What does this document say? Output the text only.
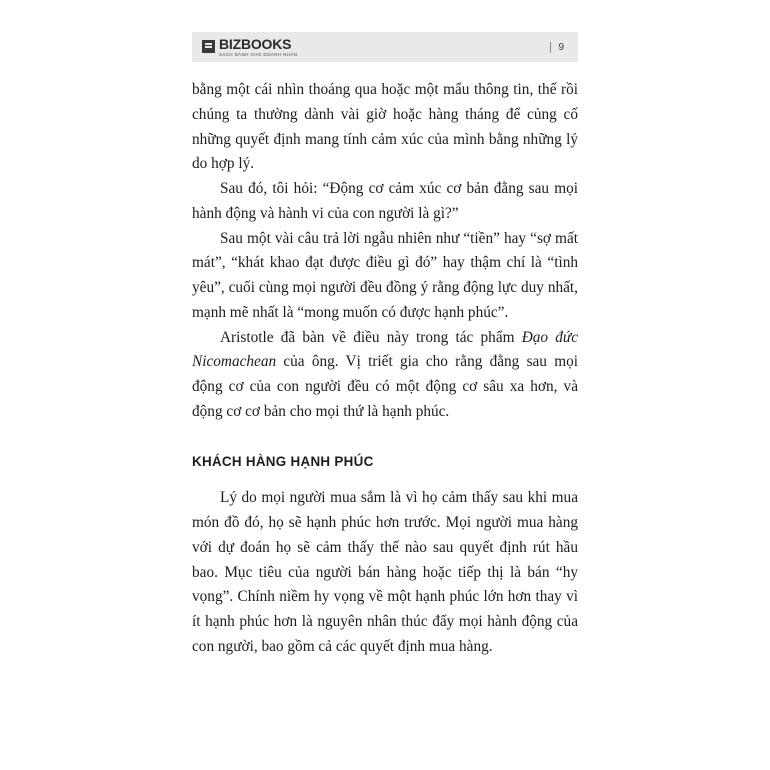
BIZBOOKS
SÁCH DÀNH CHO DOANH NHÂN
9

bằng một cái nhìn thoáng qua hoặc một mẩu thông tin, thế rồi chúng ta thường dành vài giờ hoặc hàng tháng để củng cố những quyết định mang tính cảm xúc của mình bằng những lý do hợp lý.

Sau đó, tôi hỏi: “Động cơ cảm xúc cơ bản đằng sau mọi hành động và hành vi của con người là gì?”

Sau một vài câu trả lời ngẫu nhiên như “tiền” hay “sợ mất mát”, “khát khao đạt được điều gì đó” hay thậm chí là “tình yêu”, cuối cùng mọi người đều đồng ý rằng động lực duy nhất, mạnh mẽ nhất là “mong muốn có được hạnh phúc”.

Aristotle đã bàn về điều này trong tác phẩm Đạo đức Nicomachean của ông. Vị triết gia cho rằng đằng sau mọi động cơ của con người đều có một động cơ sâu xa hơn, và động cơ cơ bản cho mọi thứ là hạnh phúc.

KHÁCH HÀNG HẠNH PHÚC

Lý do mọi người mua sắm là vì họ cảm thấy sau khi mua món đồ đó, họ sẽ hạnh phúc hơn trước. Mọi người mua hàng với dự đoán họ sẽ cảm thấy thế nào sau quyết định rút hầu bao. Mục tiêu của người bán hàng hoặc tiếp thị là bán “hy vọng”. Chính niềm hy vọng về một hạnh phúc lớn hơn thay vì ít hạnh phúc hơn là nguyên nhân thúc đẩy mọi hành động của con người, bao gồm cả các quyết định mua hàng.
